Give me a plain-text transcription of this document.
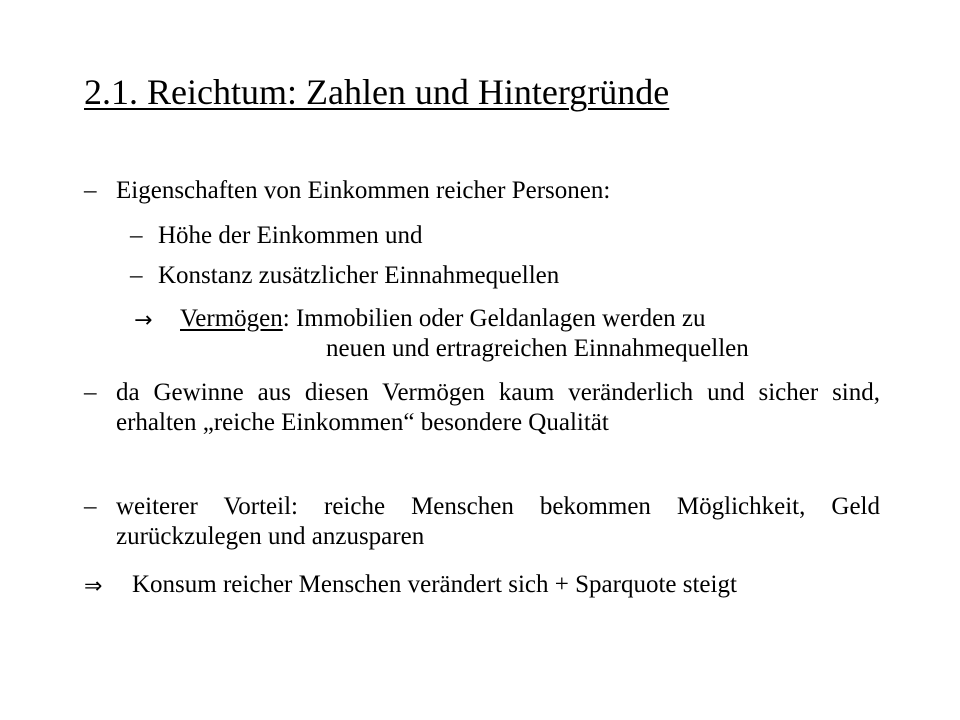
2.1. Reichtum: Zahlen und Hintergründe
– Eigenschaften von Einkommen reicher Personen:
– Höhe der Einkommen und
– Konstanz zusätzlicher Einnahmequellen
→ Vermögen: Immobilien oder Geldanlagen werden zu
neuen und ertragreichen Einnahmequellen
– da Gewinne aus diesen Vermögen kaum veränderlich und sicher sind, erhalten „reiche Einkommen“ besondere Qualität
– weiterer Vorteil: reiche Menschen bekommen Möglichkeit, Geld zurückzulegen und anzusparen
⇒ Konsum reicher Menschen verändert sich + Sparquote steigt
